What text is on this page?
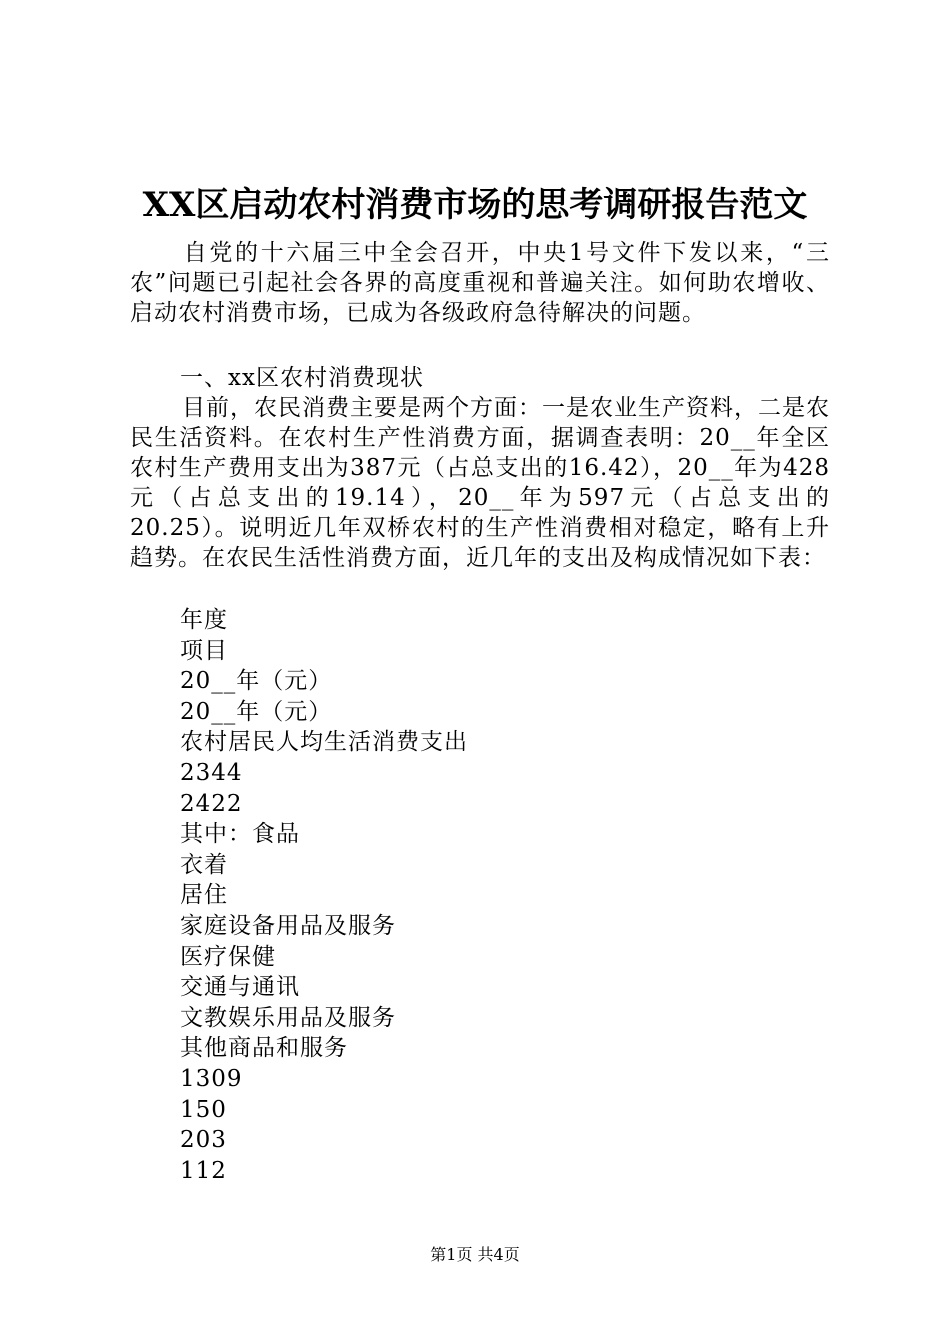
XX区启动农村消费市场的思考调研报告范文

自党的十六届三中全会召开，中央1号文件下发以来，“三农”问题已引起社会各界的高度重视和普遍关注。如何助农增收、启动农村消费市场，已成为各级政府急待解决的问题。

一、xx区农村消费现状

目前，农民消费主要是两个方面：一是农业生产资料，二是农民生活资料。在农村生产性消费方面，据调查表明：20__年全区农村生产费用支出为387元（占总支出的16.42），20__年为428元（占总支出的19.14），20__年为597元（占总支出的20.25）。说明近几年双桥农村的生产性消费相对稳定，略有上升趋势。在农民生活性消费方面，近几年的支出及构成情况如下表：

年度
项目
20__年（元）
20__年（元）
农村居民人均生活消费支出
2344
2422
其中：食品
衣着
居住
家庭设备用品及服务
医疗保健
交通与通讯
文教娱乐用品及服务
其他商品和服务
1309
150
203
112
第1页 共4页
